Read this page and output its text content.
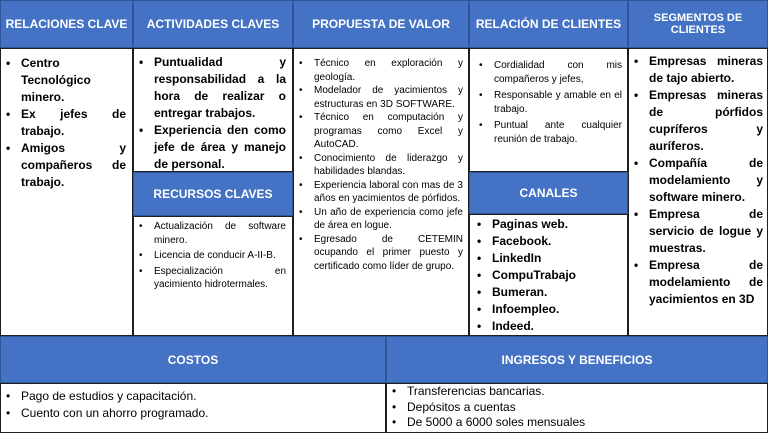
RELACIONES CLAVE	ACTIVIDADES CLAVES	PROPUESTA DE VALOR	RELACIÓN DE CLIENTES	SEGMENTOS DE CLIENTES
• Centro Tecnológico minero.
• Ex jefes de trabajo.
• Amigos y compañeros de trabajo.
• Puntualidad y responsabilidad a la hora de realizar o entregar trabajos.
• Experiencia den como jefe de área y manejo de personal.
RECURSOS CLAVES
• Actualización de software minero.
• Licencia de conducir A-II-B.
• Especialización en yacimiento hidrotermales.
• Técnico en exploración y geología.
• Modelador de yacimientos y estructuras en 3D SOFTWARE.
• Técnico en computación y programas como Excel y AutoCAD.
• Conocimiento de liderazgo y habilidades blandas.
• Experiencia laboral con mas de 3 años en yacimientos de pórfidos.
• Un año de experiencia como jefe de área en logue.
• Egresado de CETEMIN ocupando el primer puesto y certificado como líder de grupo.
• Cordialidad con mis compañeros y jefes,
• Responsable y amable en el trabajo.
• Puntual ante cualquier reunión de trabajo.
CANALES
• Paginas web.
• Facebook.
• LinkedIn
• CompuTrabajo
• Bumeran.
• Infoempleo.
• Indeed.
• Empresas mineras de tajo abierto.
• Empresas mineras de pórfidos cupríferos y auríferos.
• Compañía de modelamiento y software minero.
• Empresa de servicio de logue y muestras.
• Empresa de modelamiento de yacimientos en 3D
COSTOS
• Pago de estudios y capacitación.
• Cuento con un ahorro programado.
INGRESOS Y BENEFICIOS
• Transferencias bancarias.
• Depósitos a cuentas
• De 5000 a 6000 soles mensuales
